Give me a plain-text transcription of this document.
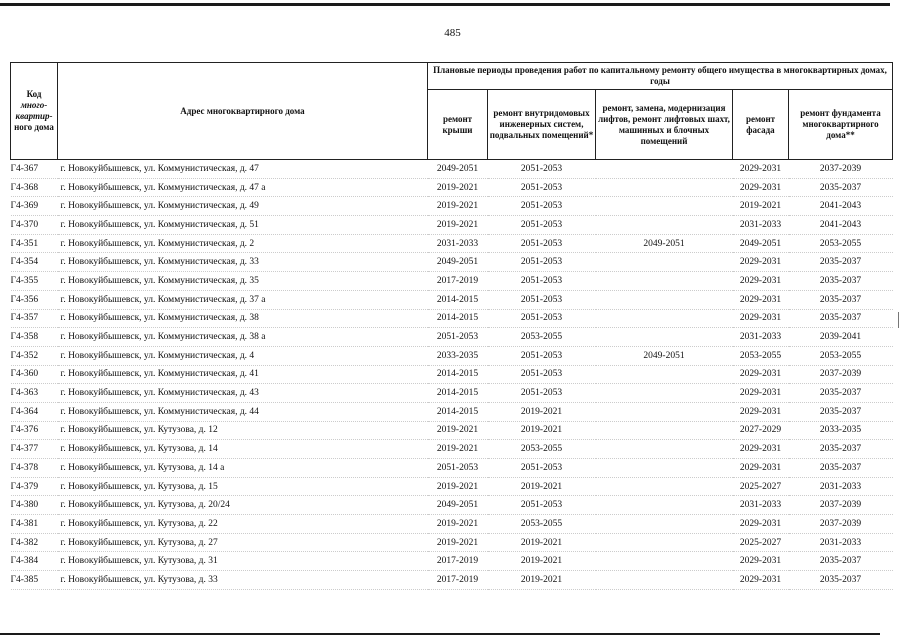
485
Код
много-квартир-
ного дома	Адрес многоквартирного дома	Плановые периоды проведения работ по капитальному ремонту общего имущества в многоквартирных домах, годы				
		ремонт крыши	ремонт внутридомовых инженерных систем, подвальных помещений*	ремонт, замена, модернизация лифтов, ремонт лифтовых шахт, машинных и блочных помещений	ремонт фасада	ремонт фундамента многоквартирного дома**
Г4-367	г. Новокуйбышевск, ул. Коммунистическая, д. 47	2049-2051	2051-2053		2029-2031	2037-2039
Г4-368	г. Новокуйбышевск, ул. Коммунистическая, д. 47 а	2019-2021	2051-2053		2029-2031	2035-2037
Г4-369	г. Новокуйбышевск, ул. Коммунистическая, д. 49	2019-2021	2051-2053		2019-2021	2041-2043
Г4-370	г. Новокуйбышевск, ул. Коммунистическая, д. 51	2019-2021	2051-2053		2031-2033	2041-2043
Г4-351	г. Новокуйбышевск, ул. Коммунистическая, д. 2	2031-2033	2051-2053	2049-2051	2049-2051	2053-2055
Г4-354	г. Новокуйбышевск, ул. Коммунистическая, д. 33	2049-2051	2051-2053		2029-2031	2035-2037
Г4-355	г. Новокуйбышевск, ул. Коммунистическая, д. 35	2017-2019	2051-2053		2029-2031	2035-2037
Г4-356	г. Новокуйбышевск, ул. Коммунистическая, д. 37 а	2014-2015	2051-2053		2029-2031	2035-2037
Г4-357	г. Новокуйбышевск, ул. Коммунистическая, д. 38	2014-2015	2051-2053		2029-2031	2035-2037
Г4-358	г. Новокуйбышевск, ул. Коммунистическая, д. 38 а	2051-2053	2053-2055		2031-2033	2039-2041
Г4-352	г. Новокуйбышевск, ул. Коммунистическая, д. 4	2033-2035	2051-2053	2049-2051	2053-2055	2053-2055
Г4-360	г. Новокуйбышевск, ул. Коммунистическая, д. 41	2014-2015	2051-2053		2029-2031	2037-2039
Г4-363	г. Новокуйбышевск, ул. Коммунистическая, д. 43	2014-2015	2051-2053		2029-2031	2035-2037
Г4-364	г. Новокуйбышевск, ул. Коммунистическая, д. 44	2014-2015	2019-2021		2029-2031	2035-2037
Г4-376	г. Новокуйбышевск, ул. Кутузова, д. 12	2019-2021	2019-2021		2027-2029	2033-2035
Г4-377	г. Новокуйбышевск, ул. Кутузова, д. 14	2019-2021	2053-2055		2029-2031	2035-2037
Г4-378	г. Новокуйбышевск, ул. Кутузова, д. 14 а	2051-2053	2051-2053		2029-2031	2035-2037
Г4-379	г. Новокуйбышевск, ул. Кутузова, д. 15	2019-2021	2019-2021		2025-2027	2031-2033
Г4-380	г. Новокуйбышевск, ул. Кутузова, д. 20/24	2049-2051	2051-2053		2031-2033	2037-2039
Г4-381	г. Новокуйбышевск, ул. Кутузова, д. 22	2019-2021	2053-2055		2029-2031	2037-2039
Г4-382	г. Новокуйбышевск, ул. Кутузова, д. 27	2019-2021	2019-2021		2025-2027	2031-2033
Г4-384	г. Новокуйбышевск, ул. Кутузова, д. 31	2017-2019	2019-2021		2029-2031	2035-2037
Г4-385	г. Новокуйбышевск, ул. Кутузова, д. 33	2017-2019	2019-2021		2029-2031	2035-2037
